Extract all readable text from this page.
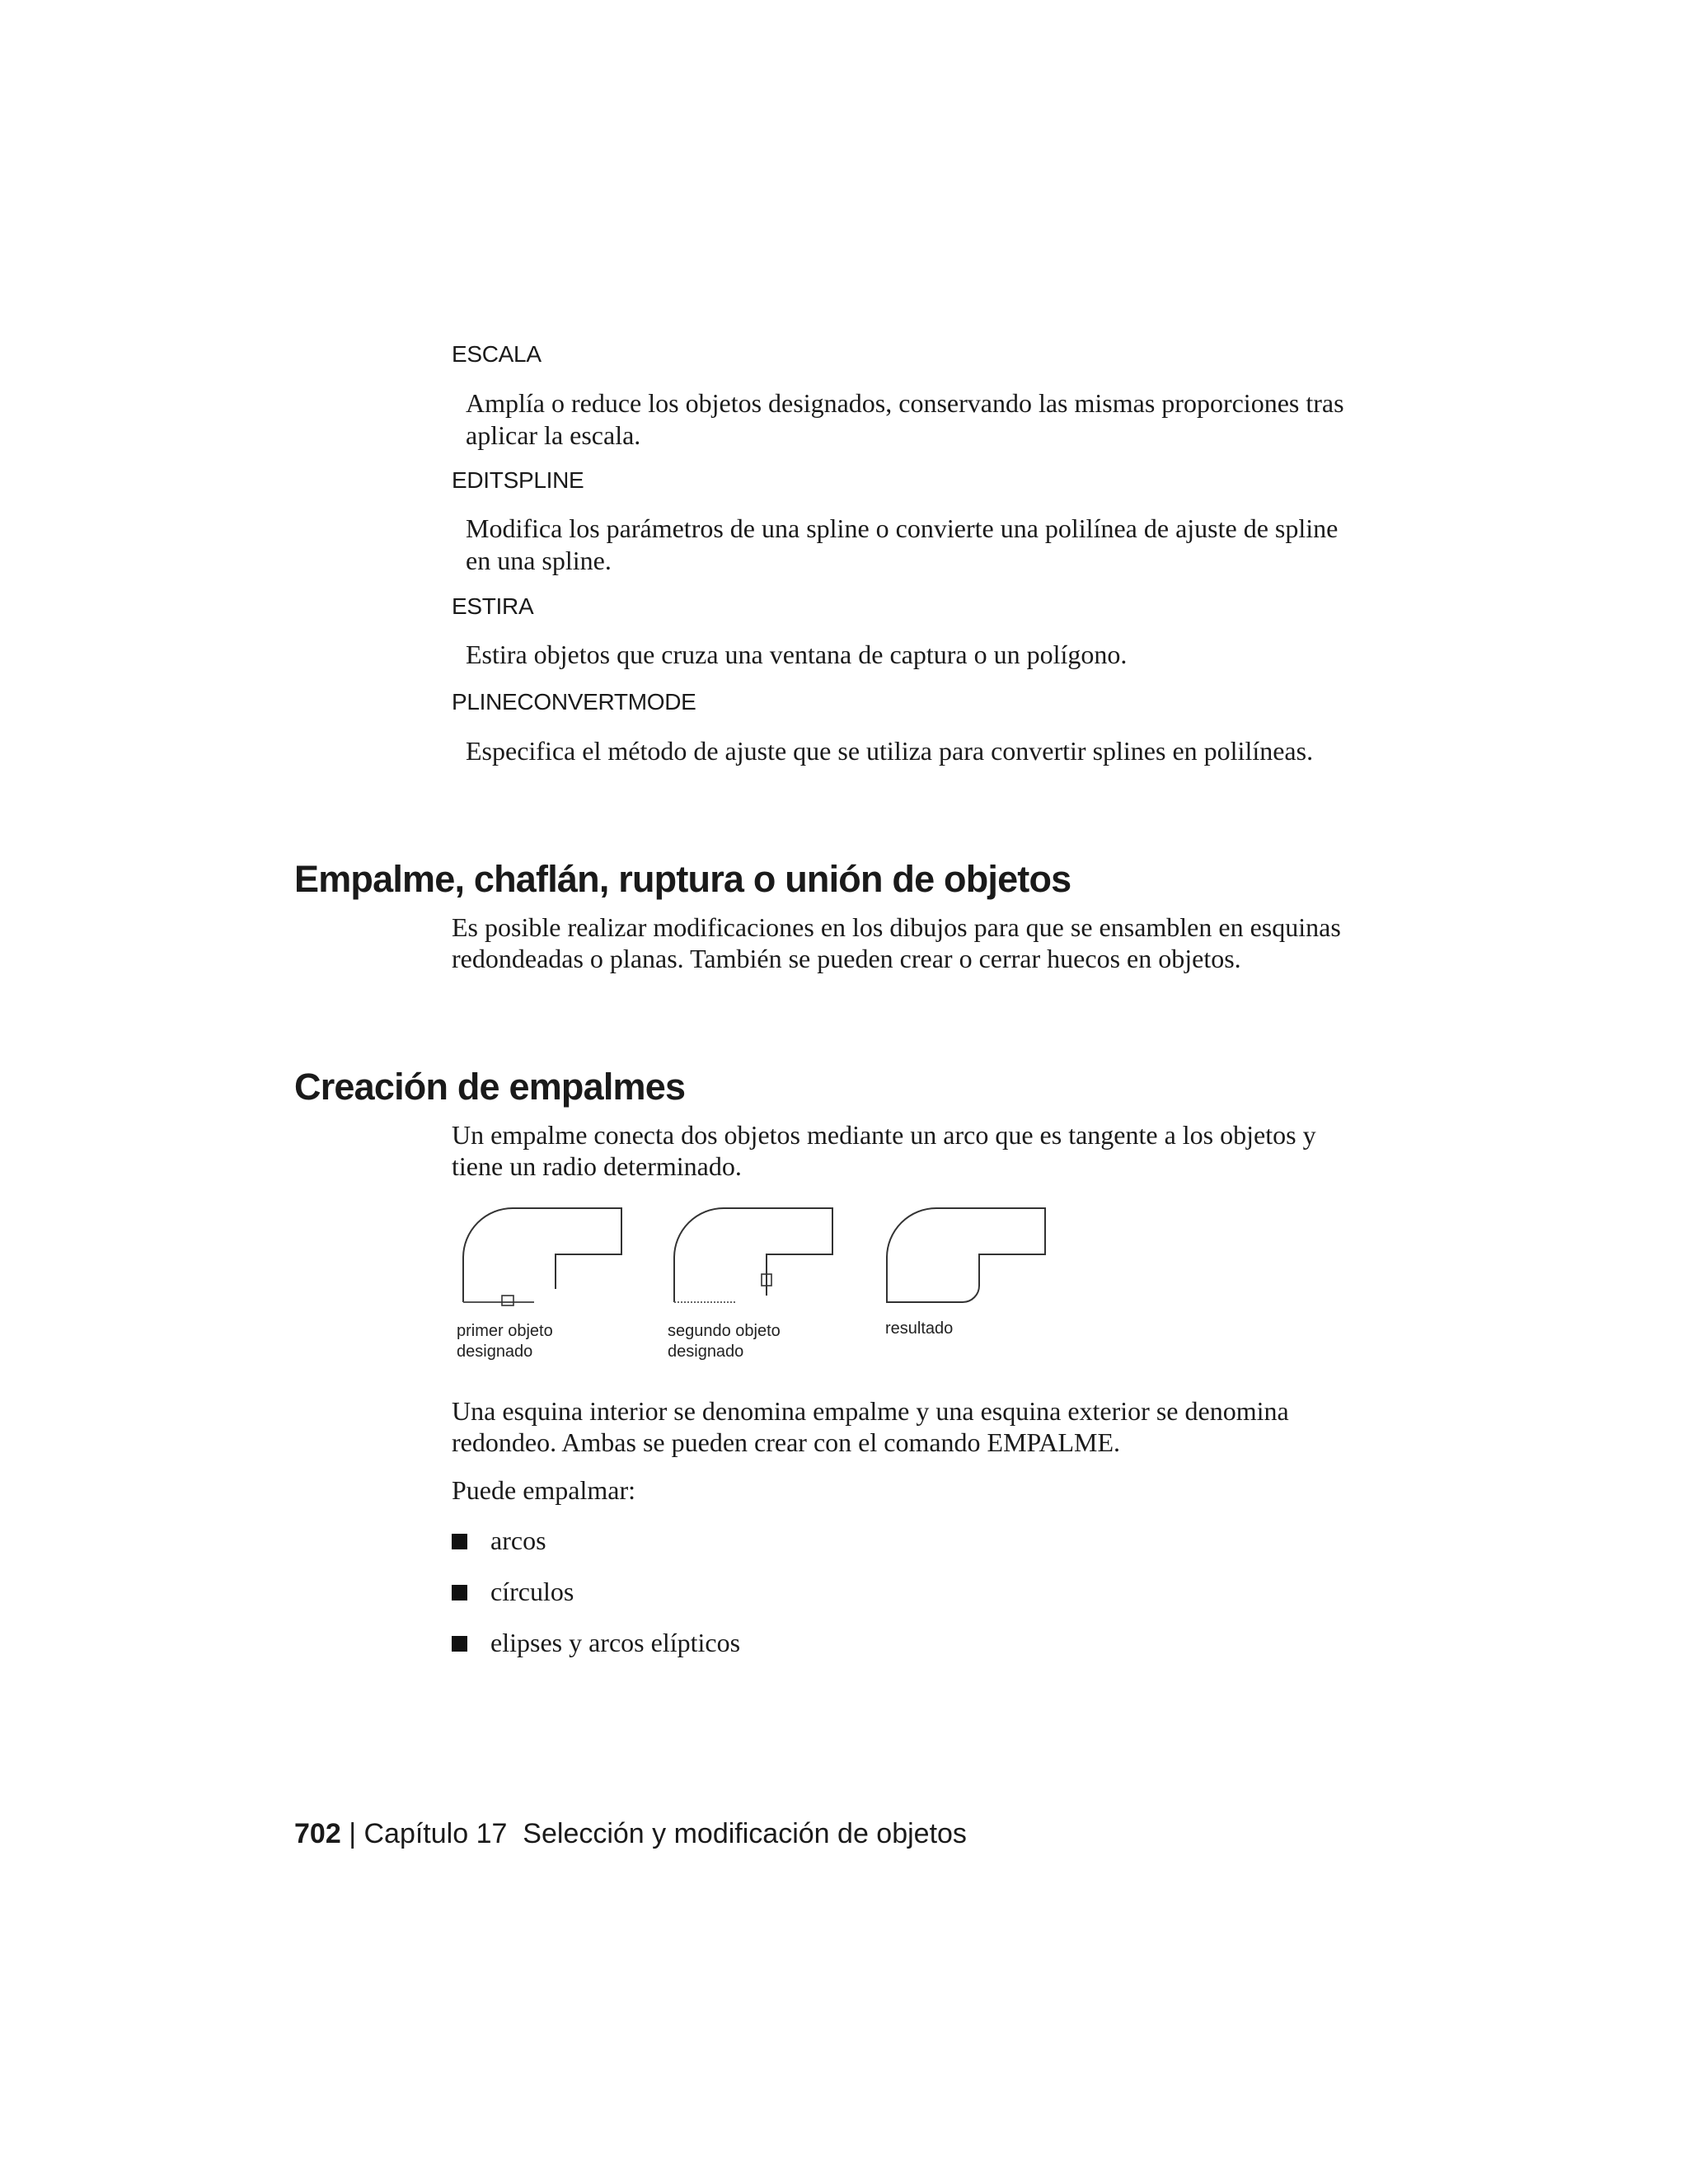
ESCALA
Amplía o reduce los objetos designados, conservando las mismas proporciones tras aplicar la escala.
EDITSPLINE
Modifica los parámetros de una spline o convierte una polilínea de ajuste de spline en una spline.
ESTIRA
Estira objetos que cruza una ventana de captura o un polígono.
PLINECONVERTMODE
Especifica el método de ajuste que se utiliza para convertir splines en polilíneas.
Empalme, chaflán, ruptura o unión de objetos
Es posible realizar modificaciones en los dibujos para que se ensamblen en esquinas redondeadas o planas. También se pueden crear o cerrar huecos en objetos.
Creación de empalmes
Un empalme conecta dos objetos mediante un arco que es tangente a los objetos y tiene un radio determinado.
primer objeto
designado
segundo objeto
designado
resultado
Una esquina interior se denomina empalme y una esquina exterior se denomina redondeo. Ambas se pueden crear con el comando EMPALME.
Puede empalmar:
arcos
círculos
elipses y arcos elípticos
702 | Capítulo 17 Selección y modificación de objetos
